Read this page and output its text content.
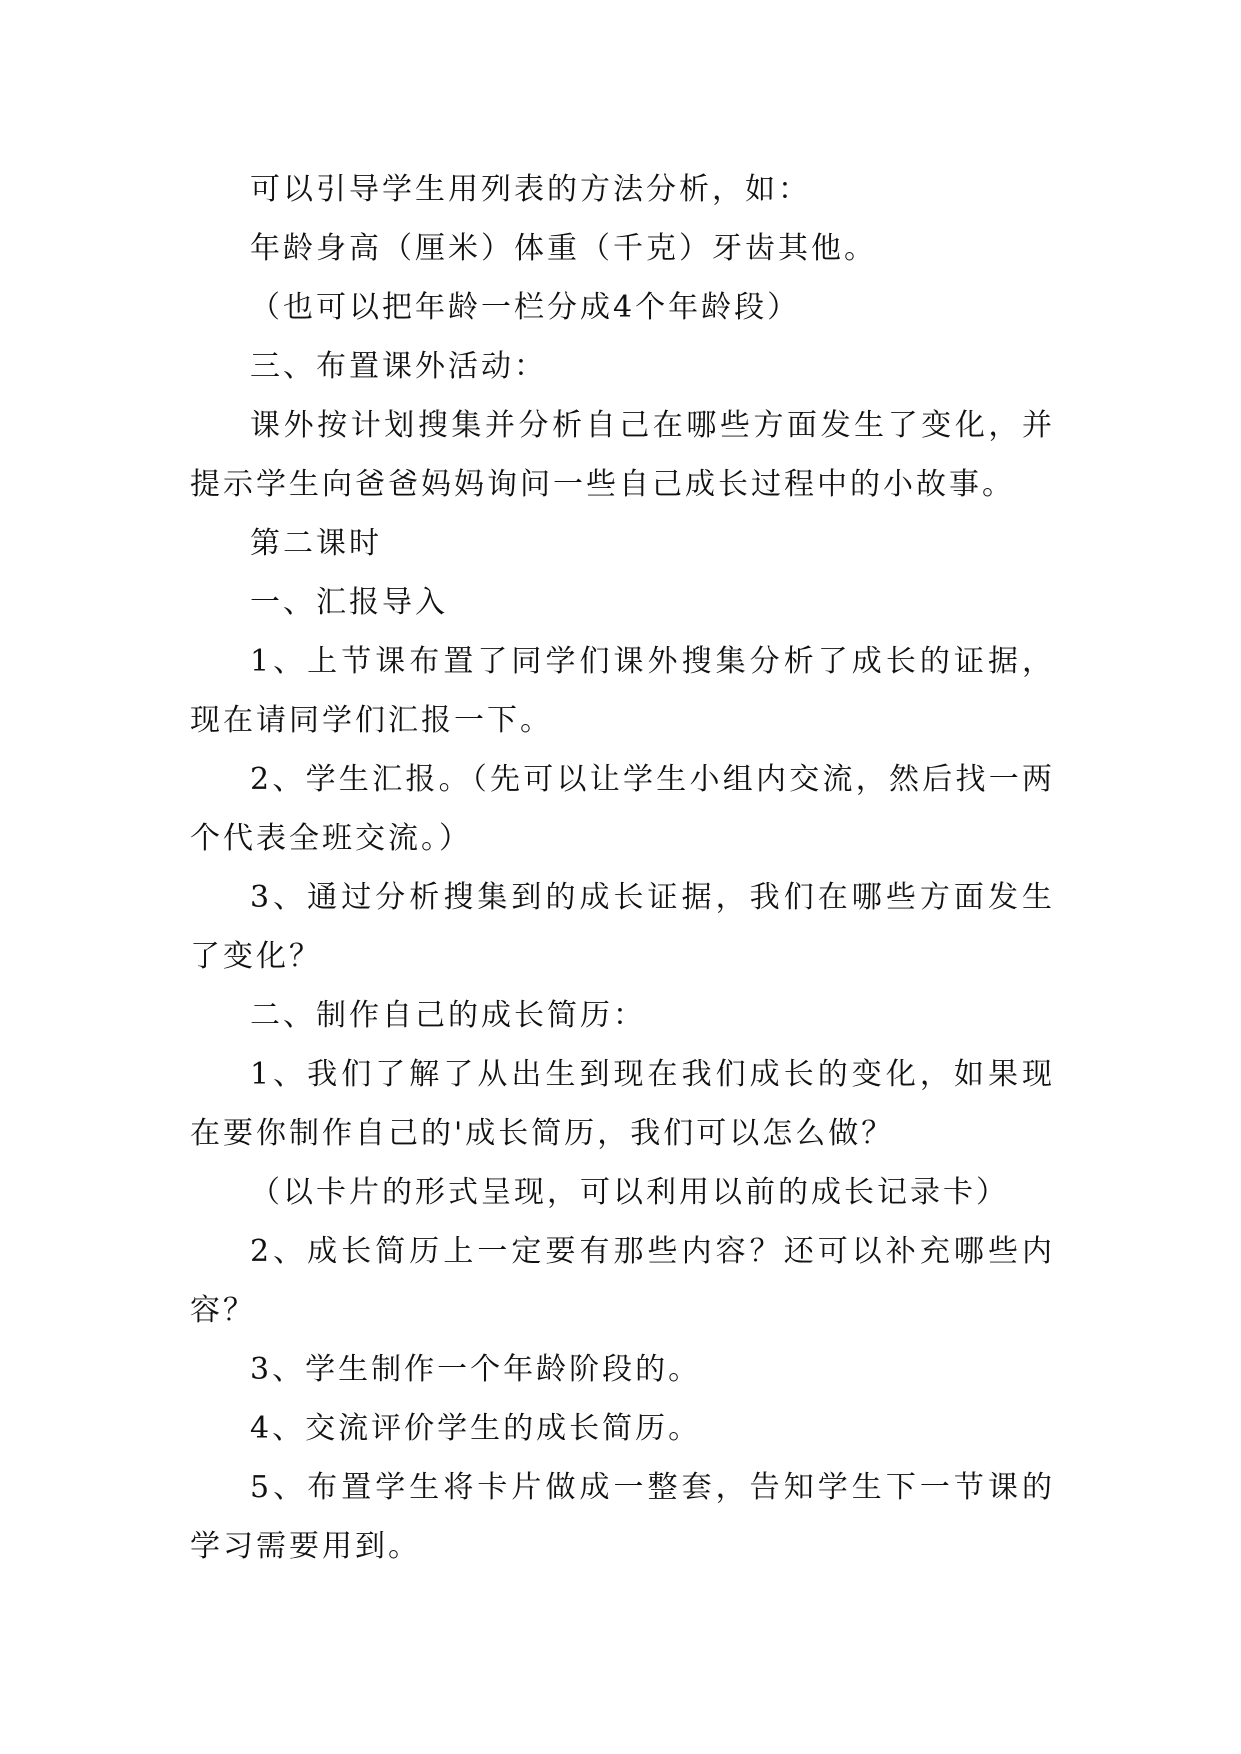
可以引导学生用列表的方法分析，如：

年龄身高（厘米）体重（千克）牙齿其他。

（也可以把年龄一栏分成4个年龄段）

三、布置课外活动：

课外按计划搜集并分析自己在哪些方面发生了变化，并提示学生向爸爸妈妈询问一些自己成长过程中的小故事。

第二课时

一、汇报导入

1、上节课布置了同学们课外搜集分析了成长的证据，现在请同学们汇报一下。

2、学生汇报。（先可以让学生小组内交流，然后找一两个代表全班交流。）

3、通过分析搜集到的成长证据，我们在哪些方面发生了变化？

二、制作自己的成长简历：

1、我们了解了从出生到现在我们成长的变化，如果现在要你制作自己的'成长简历，我们可以怎么做？

（以卡片的形式呈现，可以利用以前的成长记录卡）

2、成长简历上一定要有那些内容？还可以补充哪些内容？

3、学生制作一个年龄阶段的。

4、交流评价学生的成长简历。

5、布置学生将卡片做成一整套，告知学生下一节课的学习需要用到。
